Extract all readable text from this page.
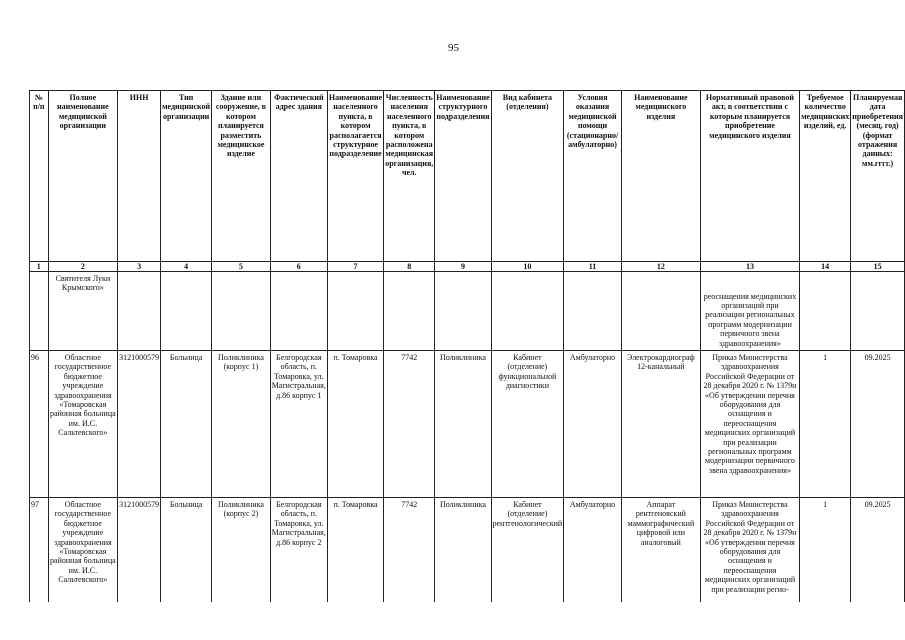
95
№ п/п	Полное наименование медицинской организации	ИНН	Тип медицинской организации	Здание или сооружение, в котором планируется разместить медицинское изделие	Фактический адрес здания	Наименование населенного пункта, в котором располагается структурное подразделение	Численность населения населенного пункта, в котором расположена медицинская организация, чел.	Наименование структурного подразделения	Вид кабинета (отделения)	Условия оказания медицинской помощи (стационарно/амбулаторно)	Наименование медицинского изделия	Нормативный правовой акт, в соответствии с которым планируется приобретение медицинского изделия	Требуемое количество медицинских изделий, ед.	Планируемая дата приобретения (месяц, год) (формат отражения данных: мм.гггг.)
1	2	3	4	5	6	7	8	9	10	11	12	13	14	15
	Святителя Луки Крымского»											реоснащения медицинских организаций при реализации региональных программ модернизации первичного звена здравоохранения»		
96	Областное государственное бюджетное учреждение здравоохранения «Томаровская районная больница им. И.С. Сальтевского»	3121000579	Больница	Поликлиника (корпус 1)	Белгородская область, п. Томаровка, ул. Магистральная, д.86 корпус 1	п. Томаровка	7742	Поликлиника	Кабинет (отделение) функциональной диагностики	Амбулаторно	Электрокардиограф 12-канальный	Приказ Министерства здравоохранения Российской Федерации от 28 декабря 2020 г. № 1379н «Об утверждении перечня оборудования для оснащения и переоснащения медицинских организаций при реализации региональных программ модернизации первичного звена здравоохранения»	1	09.2025
97	Областное государственное бюджетное учреждение здравоохранения «Томаровская районная больница им. И.С. Сальтевского»	3121000579	Больница	Поликлиника (корпус 2)	Белгородская область, п. Томаровка, ул. Магистральная, д.86 корпус 2	п. Томаровка	7742	Поликлиника	Кабинет (отделение) рентгенологический	Амбулаторно	Аппарат рентгеновский маммографический цифровой или аналоговый	Приказ Министерства здравоохранения Российской Федерации от 28 декабря 2020 г. № 1379н «Об утверждении перечня оборудования для оснащения и переоснащения медицинских организаций при реализации регио-	1	09.2025
